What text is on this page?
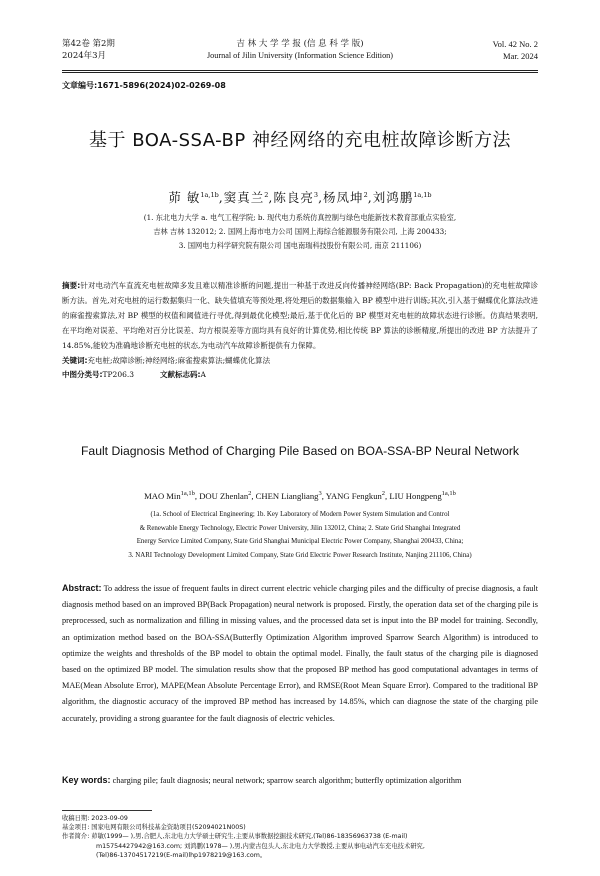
第42卷 第2期
2024年3月
吉 林 大 学 学 报 (信 息 科 学 版)
Journal of Jilin University (Information Science Edition)
Vol. 42 No. 2
Mar. 2024
文章编号:1671-5896(2024)02-0269-08
基于 BOA-SSA-BP 神经网络的充电桩故障诊断方法
茆 敏$^{1a,1b}$,窦真兰$^2$,陈良亮$^3$,杨凤坤$^2$,刘鸿鹏$^{1a,1b}$
(1. 东北电力大学 a. 电气工程学院; b. 现代电力系统仿真控制与绿色电能新技术教育部重点实验室,
吉林 吉林 132012; 2. 国网上海市电力公司 国网上海综合能源服务有限公司, 上海 200433;
3. 国网电力科学研究院有限公司 国电南瑞科技股份有限公司, 南京 211106)
摘要:针对电动汽车直流充电桩故障多发且难以精准诊断的问题,提出一种基于改进反向传播神经网络(BP: Back Propagation)的充电桩故障诊断方法。首先,对充电桩的运行数据集归一化、缺失值填充等预处理,将处理后的数据集输入 BP 模型中进行训练;其次,引入基于蝴蝶优化算法改进的麻雀搜索算法,对 BP 模型的权值和阈值进行寻优,得到最优化模型;最后,基于优化后的 BP 模型对充电桩的故障状态进行诊断。仿真结果表明,在平均绝对误差、平均绝对百分比误差、均方根误差等方面均具有良好的计算优势,相比传统 BP 算法的诊断精度,所提出的改进 BP 方法提升了 14.85%,能较为准确地诊断充电桩的状态,为电动汽车故障诊断提供有力保障。
关键词:充电桩;故障诊断;神经网络;麻雀搜索算法;蝴蝶优化算法
中图分类号:TP206.3	文献标志码:A
Fault Diagnosis Method of Charging Pile Based on BOA-SSA-BP Neural Network
MAO Min$^{1a,1b}$, DOU Zhenlan$^2$, CHEN Liangliang$^3$, YANG Fengkun$^2$, LIU Hongpeng$^{1a,1b}$
(1a. School of Electrical Engineering; 1b. Key Laboratory of Modern Power System Simulation and Control
& Renewable Energy Technology, Electric Power University, Jilin 132012, China; 2. State Grid Shanghai Integrated
Energy Service Limited Company, State Grid Shanghai Municipal Electric Power Company, Shanghai 200433, China;
3. NARI Technology Development Limited Company, State Grid Electric Power Research Institute, Nanjing 211106, China)
Abstract: To address the issue of frequent faults in direct current electric vehicle charging piles and the difficulty of precise diagnosis, a fault diagnosis method based on an improved BP(Back Propagation) neural network is proposed. Firstly, the operation data set of the charging pile is preprocessed, such as normalization and filling in missing values, and the processed data set is input into the BP model for training. Secondly, an optimization method based on the BOA-SSA(Butterfly Optimization Algorithm improved Sparrow Search Algorithm) is introduced to optimize the weights and thresholds of the BP model to obtain the optimal model. Finally, the fault status of the charging pile is diagnosed based on the optimized BP model. The simulation results show that the proposed BP method has good computational advantages in terms of MAE(Mean Absolute Error), MAPE(Mean Absolute Percentage Error), and RMSE(Root Mean Square Error). Compared to the traditional BP algorithm, the diagnostic accuracy of the improved BP method has increased by 14.85%, which can diagnose the state of the charging pile accurately, providing a strong guarantee for the fault diagnosis of electric vehicles.
Key words: charging pile; fault diagnosis; neural network; sparrow search algorithm; butterfly optimization algorithm
收稿日期: 2023-09-09
基金项目: 国家电网有限公司科技基金资助项目(52094021N00S)
作者简介: 茆敏(1999— ),男,合肥人,东北电力大学硕士研究生,主要从事数据挖掘技术研究,(Tel)86-18356963738 (E-mail)
m15754427942@163.com; 刘鸿鹏(1978— ),男,内蒙古包头人,东北电力大学教授,主要从事电动汽车充电技术研究,
(Tel)86-13704517219(E-mail)lhp1978219@163.com。
